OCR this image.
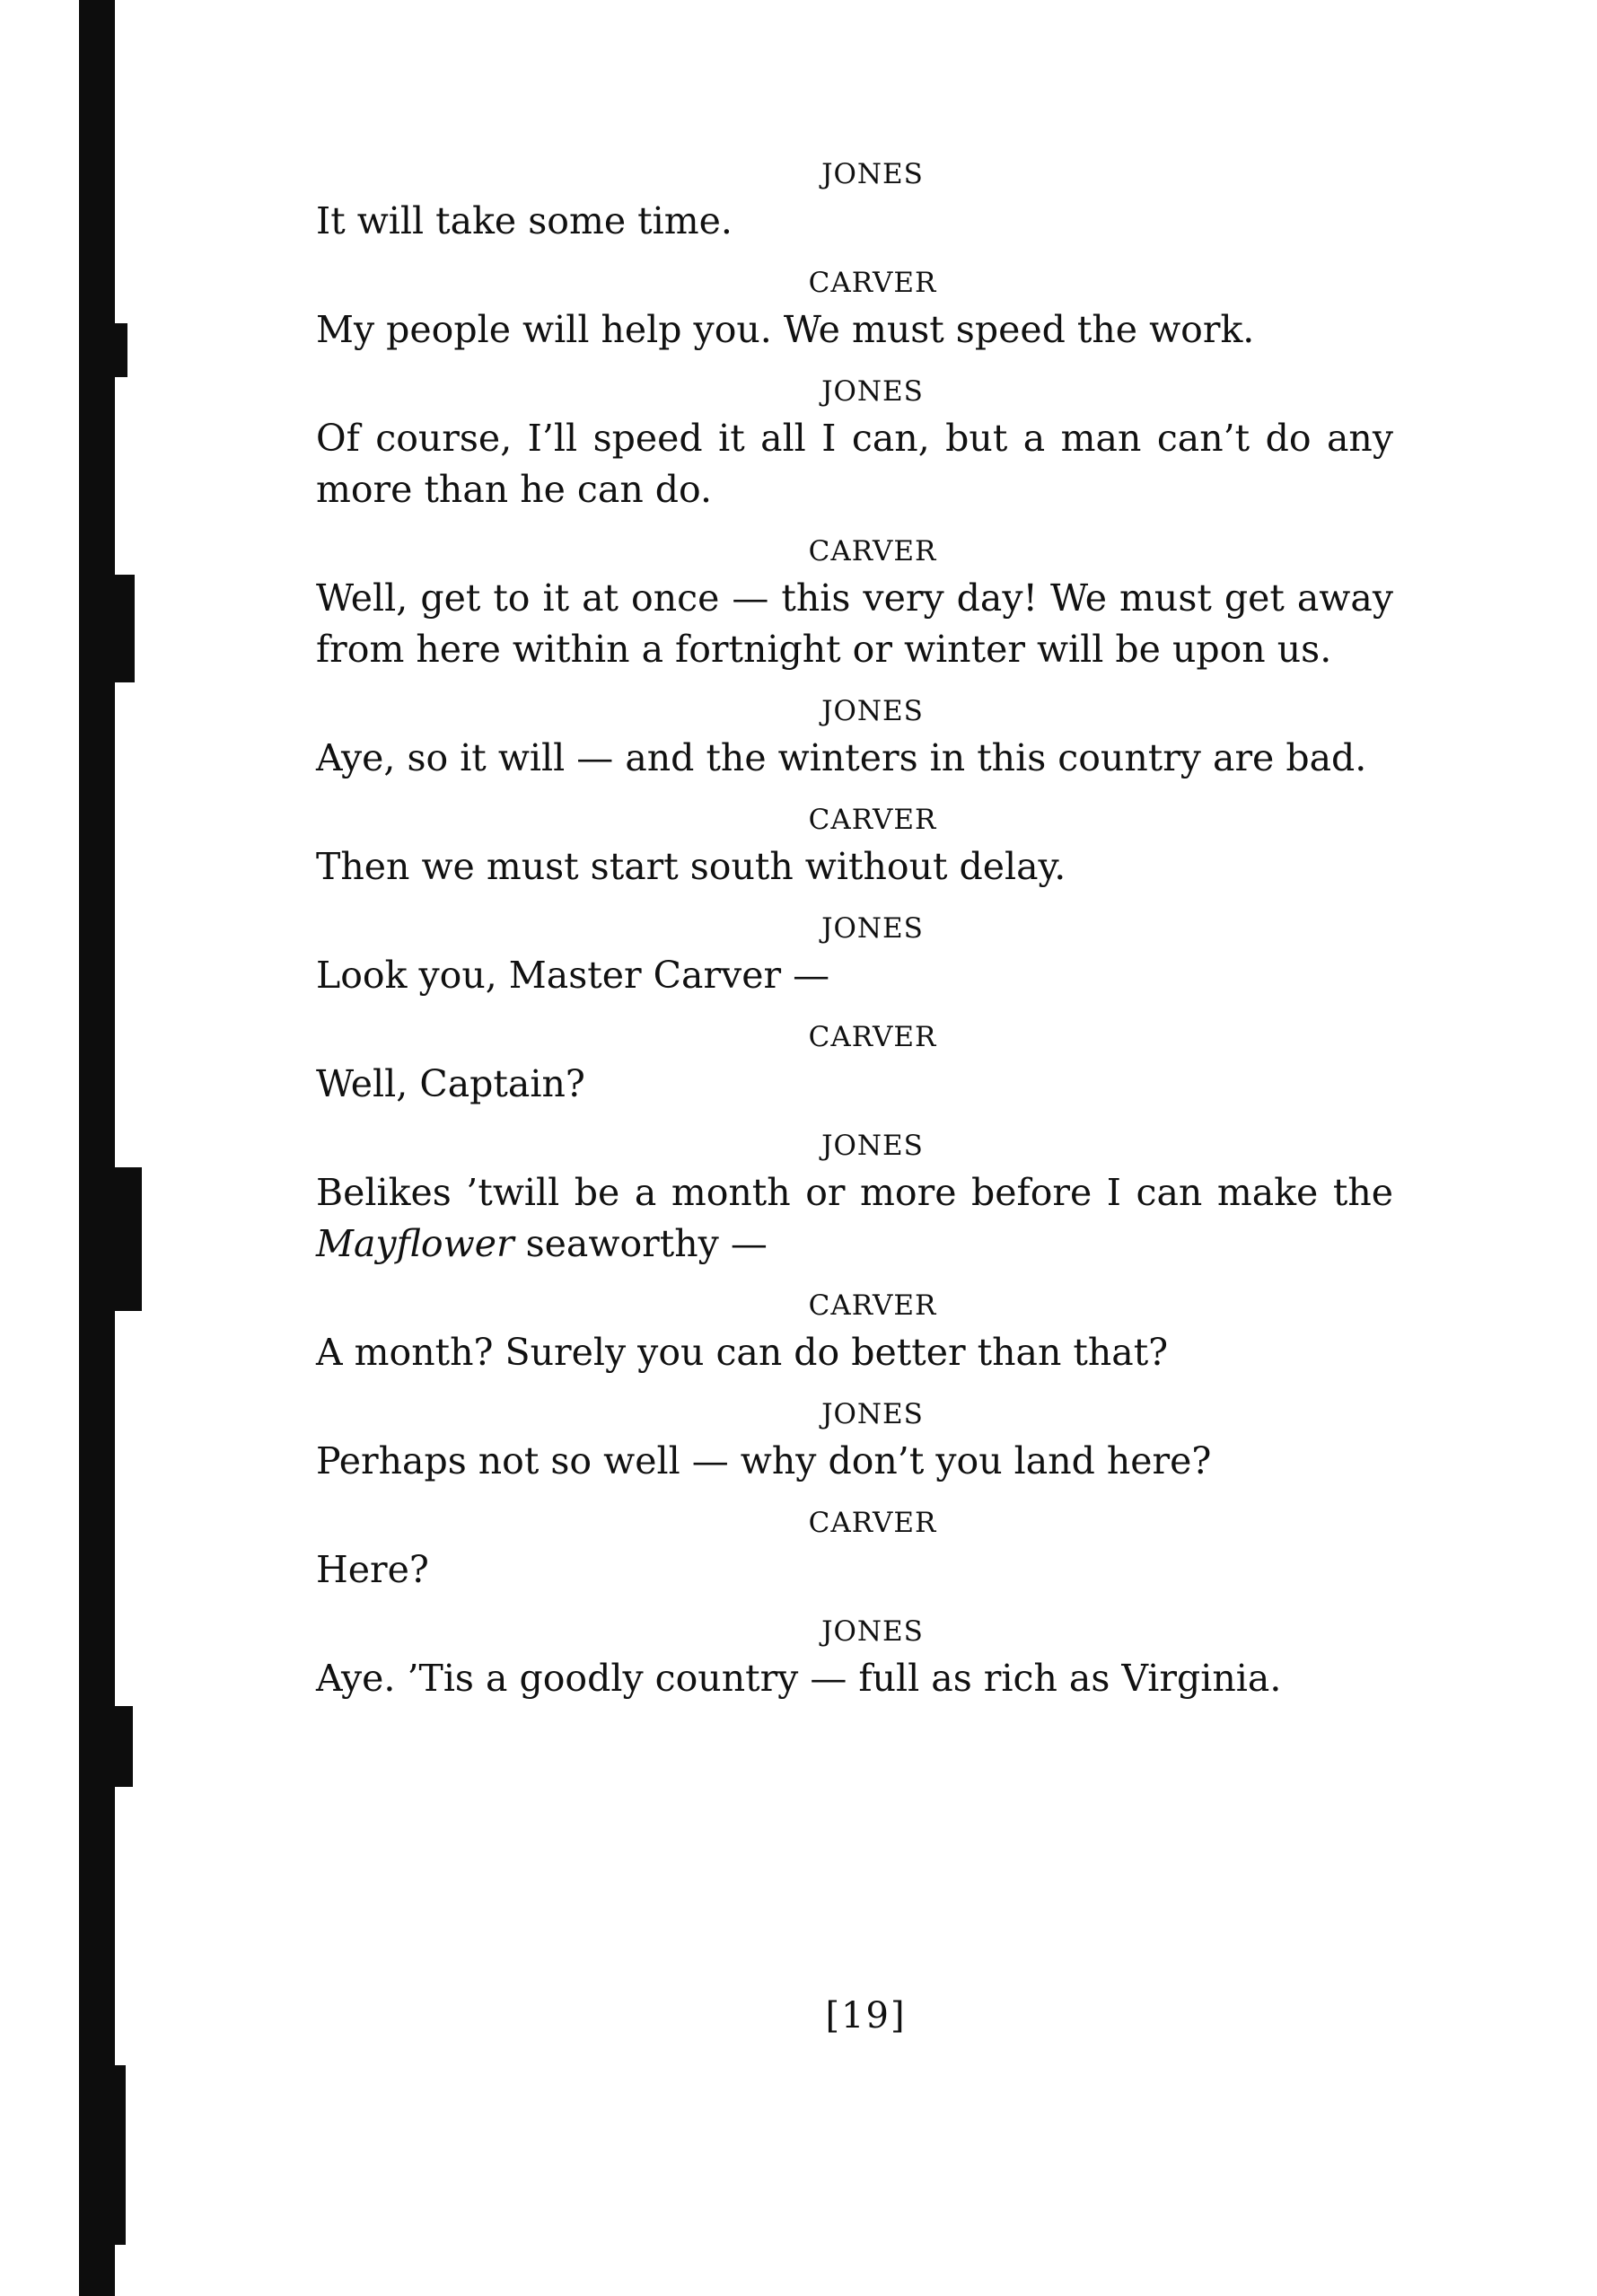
JONES

It will take some time.

CARVER

My people will help you. We must speed the work.

JONES

Of course, I’ll speed it all I can, but a man can’t do any more than he can do.

CARVER

Well, get to it at once — this very day! We must get away from here within a fortnight or winter will be upon us.

JONES

Aye, so it will — and the winters in this country are bad.

CARVER

Then we must start south without delay.

JONES

Look you, Master Carver —

CARVER

Well, Captain?

JONES

Belikes ’twill be a month or more before I can make the Mayflower seaworthy —

CARVER

A month? Surely you can do better than that?

JONES

Perhaps not so well — why don’t you land here?

CARVER

Here?

JONES

Aye. ’Tis a goodly country — full as rich as Virginia.

[19]
